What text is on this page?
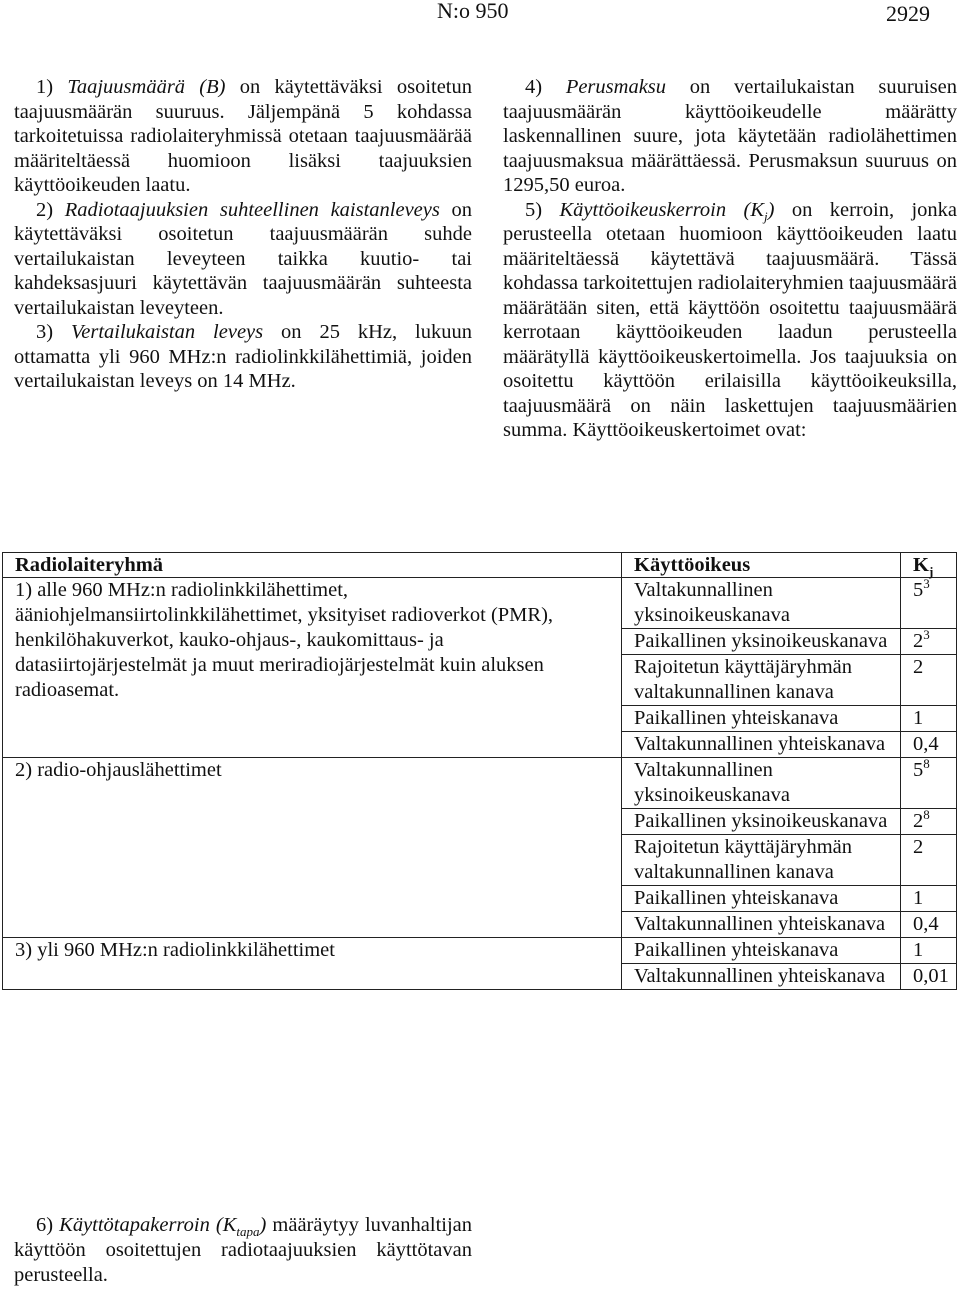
N:o 950	2929

1) Taajuusmäärä (B) on käytettäväksi osoitetun taajuusmäärän suuruus. Jäljempänä 5 kohdassa tarkoitetuissa radiolaiteryhmissä otetaan taajuusmäärää määriteltäessä huomioon lisäksi taajuuksien käyttöoikeuden laatu.

2) Radiotaajuuksien suhteellinen kaistanleveys on käytettäväksi osoitetun taajuusmäärän suhde vertailukaistan leveyteen taikka kuutio- tai kahdeksasjuuri käytettävän taajuusmäärän suhteesta vertailukaistan leveyteen.

3) Vertailukaistan leveys on 25 kHz, lukuun ottamatta yli 960 MHz:n radiolinkkilähettimiä, joiden vertailukaistan leveys on 14 MHz.

4) Perusmaksu on vertailukaistan suuruisen taajuusmäärän käyttöoikeudelle määrätty laskennallinen suure, jota käytetään radiolähettimen taajuusmaksua määrättäessä. Perusmaksun suuruus on 1295,50 euroa.

5) Käyttöoikeuskerroin $(K_j)$ on kerroin, jonka perusteella otetaan huomioon käyttöoikeuden laatu määriteltäessä käytettävä taajuusmäärä. Tässä kohdassa tarkoitettujen radiolaiteryhmien taajuusmäärä määrätään siten, että käyttöön osoitettu taajuusmäärä kerrotaan käyttöoikeuden laadun perusteella määrätyllä käyttöoikeuskertoimella. Jos taajuuksia on osoitettu käyttöön erilaisilla käyttöoikeuksilla, taajuusmäärä on näin laskettujen taajuusmäärien summa. Käyttöoikeuskertoimet ovat:

Radiolaiteryhmä	Käyttöoikeus	$K_j$
1) alle 960 MHz:n radiolinkkilähettimet, ääniohjelmansiirtolinkkilähettimet, yksityiset radioverkot (PMR), henkilöhakuverkot, kauko-ohjaus-, kaukomittaus- ja datasiirtojärjestelmät ja muut meriradiojärjestelmät kuin aluksen radioasemat.	Valtakunnallinen yksinoikeuskanava	$5^3$
	Paikallinen yksinoikeuskanava	$2^3$
	Rajoitetun käyttäjäryhmän valtakunnallinen kanava	2
	Paikallinen yhteiskanava	1
	Valtakunnallinen yhteiskanava	0,4
2) radio-ohjauslähettimet	Valtakunnallinen yksinoikeuskanava	$5^8$
	Paikallinen yksinoikeuskanava	$2^8$
	Rajoitetun käyttäjäryhmän valtakunnallinen kanava	2
	Paikallinen yhteiskanava	1
	Valtakunnallinen yhteiskanava	0,4
3) yli 960 MHz:n radiolinkkilähettimet	Paikallinen yhteiskanava	1
	Valtakunnallinen yhteiskanava	0,01

6) Käyttötapakerroin $(K_{tapa})$ määräytyy luvanhaltijan käyttöön osoitettujen radiotaajuuksien käyttötavan perusteella.
